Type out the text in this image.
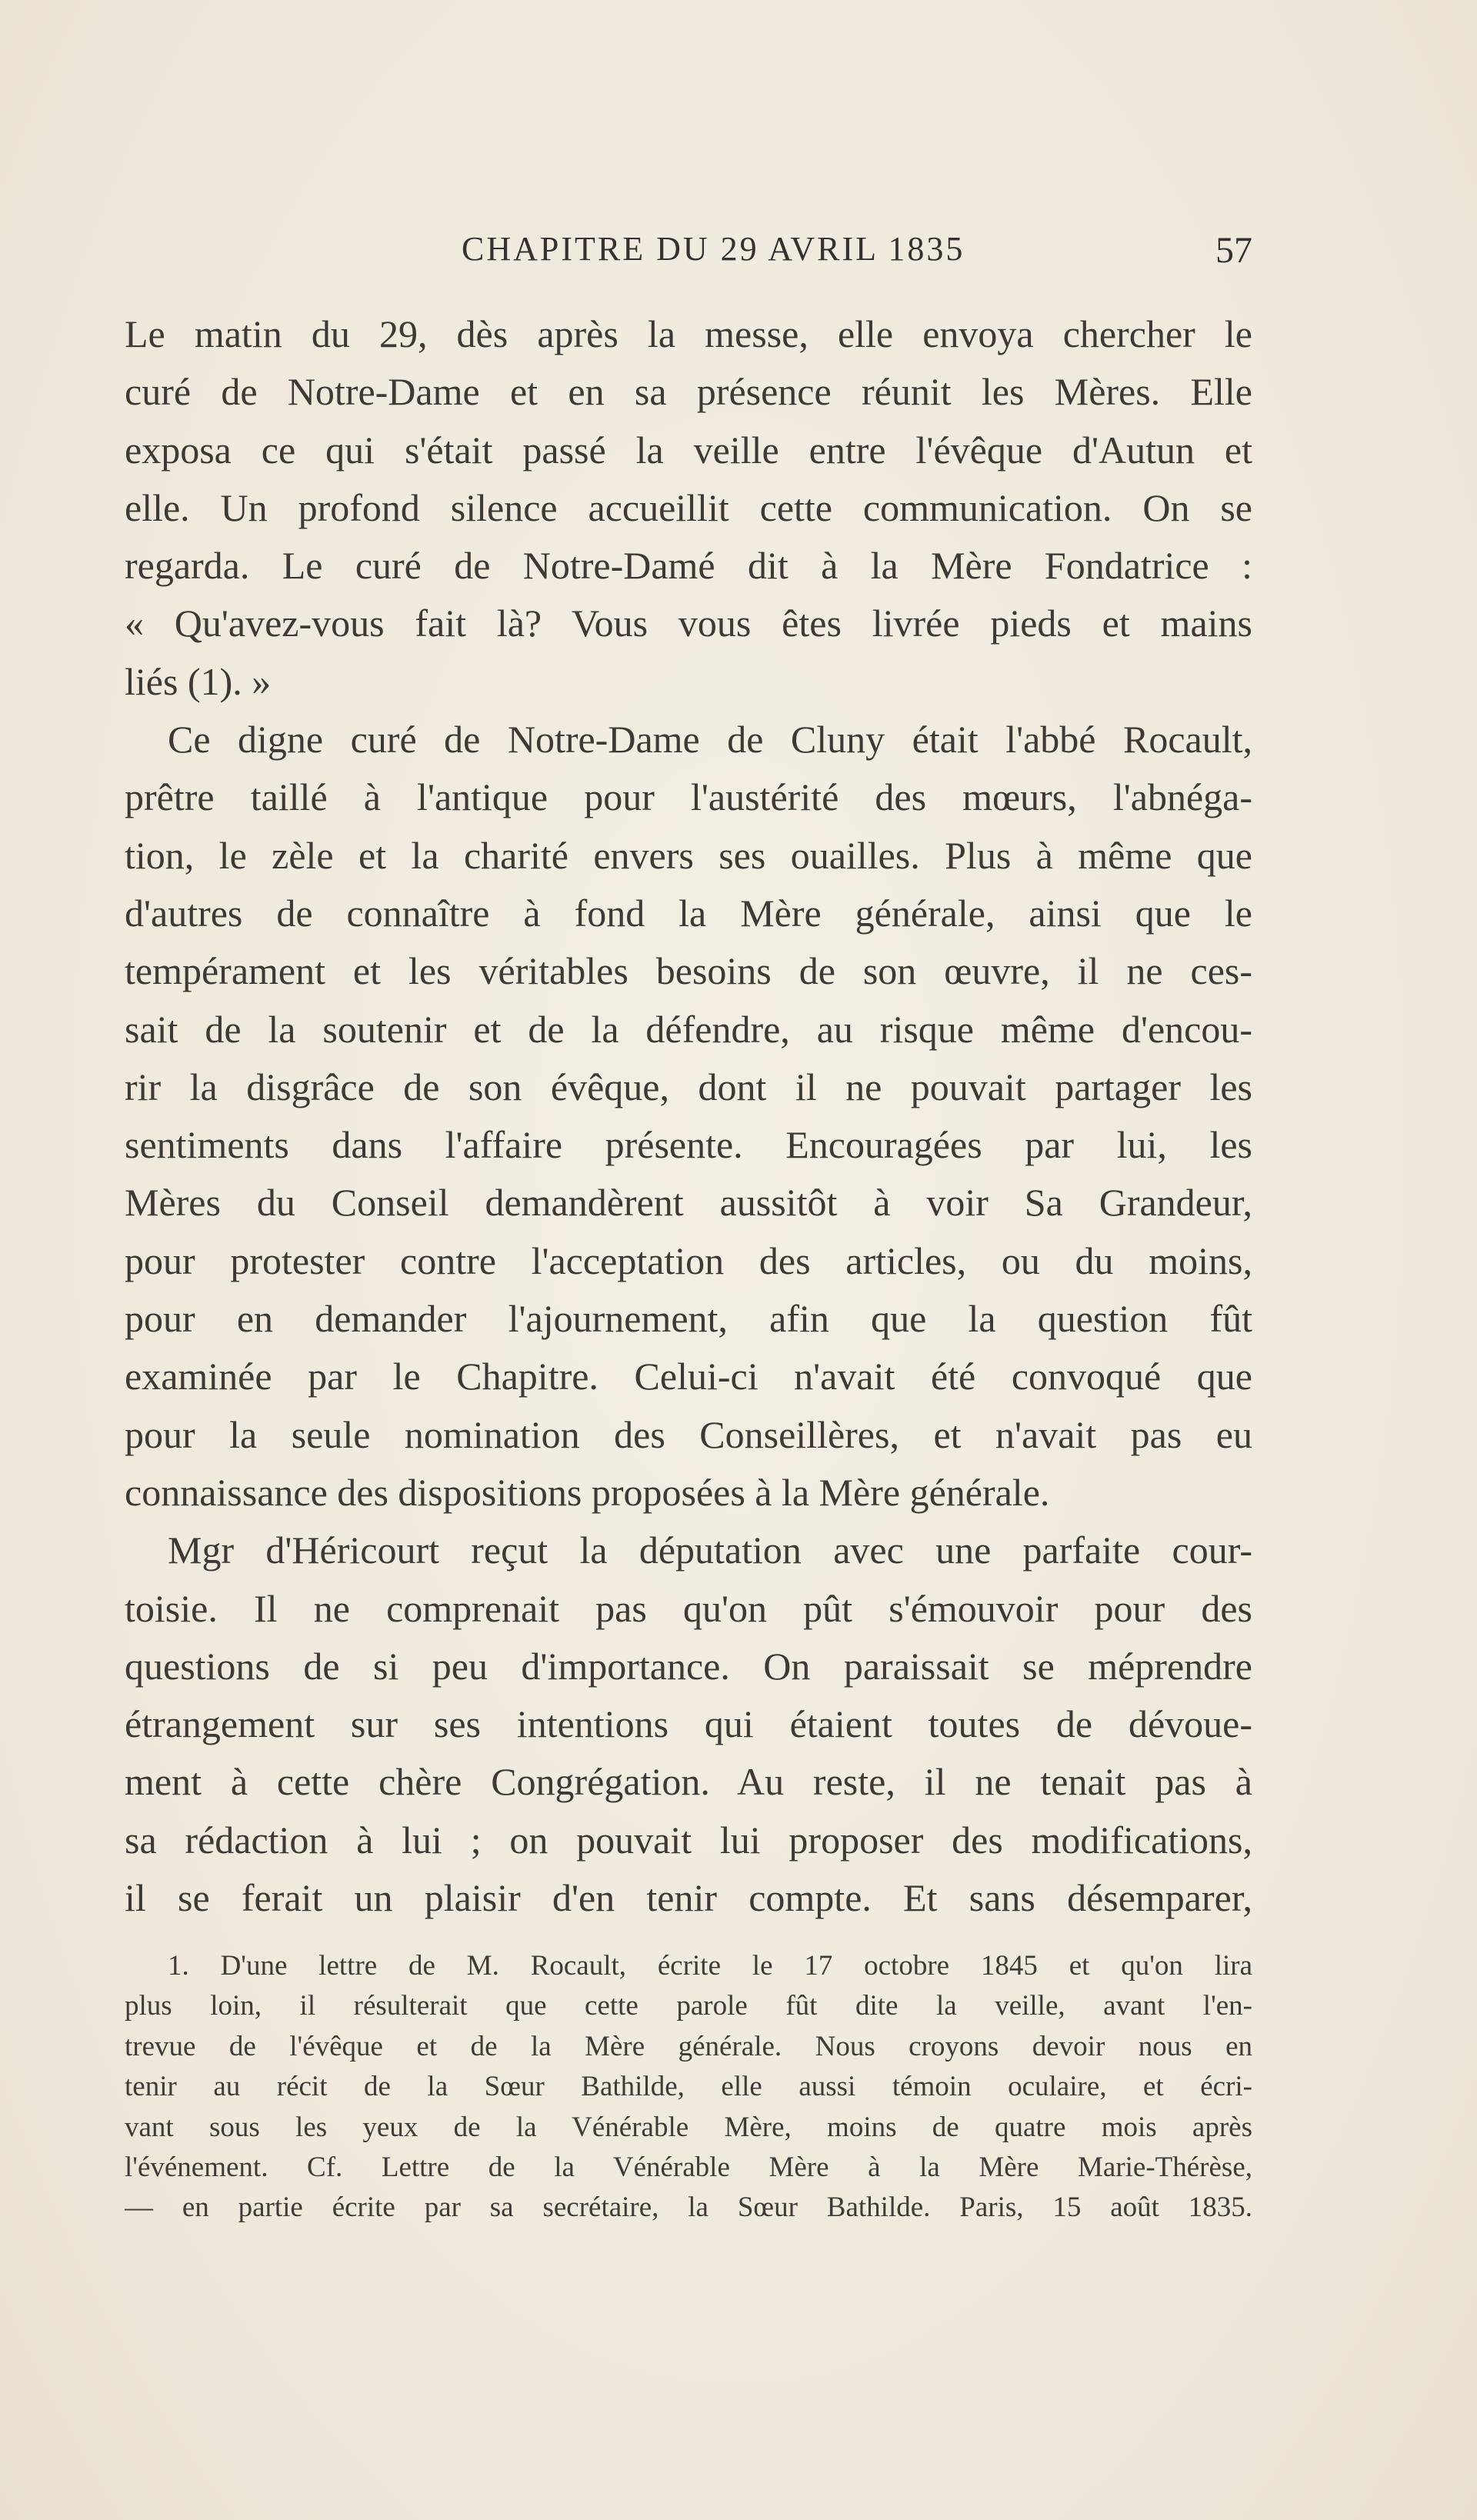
CHAPITRE DU 29 AVRIL 1835	57
Le matin du 29, dès après la messe, elle envoya chercher le
curé de Notre-Dame et en sa présence réunit les Mères. Elle
exposa ce qui s'était passé la veille entre l'évêque d'Autun et
elle. Un profond silence accueillit cette communication. On se
regarda. Le curé de Notre-Damé dit à la Mère Fondatrice :
« Qu'avez-vous fait là? Vous vous êtes livrée pieds et mains
liés (1). »
Ce digne curé de Notre-Dame de Cluny était l'abbé Rocault,
prêtre taillé à l'antique pour l'austérité des mœurs, l'abnéga-
tion, le zèle et la charité envers ses ouailles. Plus à même que
d'autres de connaître à fond la Mère générale, ainsi que le
tempérament et les véritables besoins de son œuvre, il ne ces-
sait de la soutenir et de la défendre, au risque même d'encou-
rir la disgrâce de son évêque, dont il ne pouvait partager les
sentiments dans l'affaire présente. Encouragées par lui, les
Mères du Conseil demandèrent aussitôt à voir Sa Grandeur,
pour protester contre l'acceptation des articles, ou du moins,
pour en demander l'ajournement, afin que la question fût
examinée par le Chapitre. Celui-ci n'avait été convoqué que
pour la seule nomination des Conseillères, et n'avait pas eu
connaissance des dispositions proposées à la Mère générale.
Mgr d'Héricourt reçut la députation avec une parfaite cour-
toisie. Il ne comprenait pas qu'on pût s'émouvoir pour des
questions de si peu d'importance. On paraissait se méprendre
étrangement sur ses intentions qui étaient toutes de dévoue-
ment à cette chère Congrégation. Au reste, il ne tenait pas à
sa rédaction à lui ; on pouvait lui proposer des modifications,
il se ferait un plaisir d'en tenir compte. Et sans désemparer,
1. D'une lettre de M. Rocault, écrite le 17 octobre 1845 et qu'on lira
plus loin, il résulterait que cette parole fût dite la veille, avant l'en-
trevue de l'évêque et de la Mère générale. Nous croyons devoir nous en
tenir au récit de la Sœur Bathilde, elle aussi témoin oculaire, et écri-
vant sous les yeux de la Vénérable Mère, moins de quatre mois après
l'événement. Cf. Lettre de la Vénérable Mère à la Mère Marie-Thérèse,
— en partie écrite par sa secrétaire, la Sœur Bathilde. Paris, 15 août 1835.
